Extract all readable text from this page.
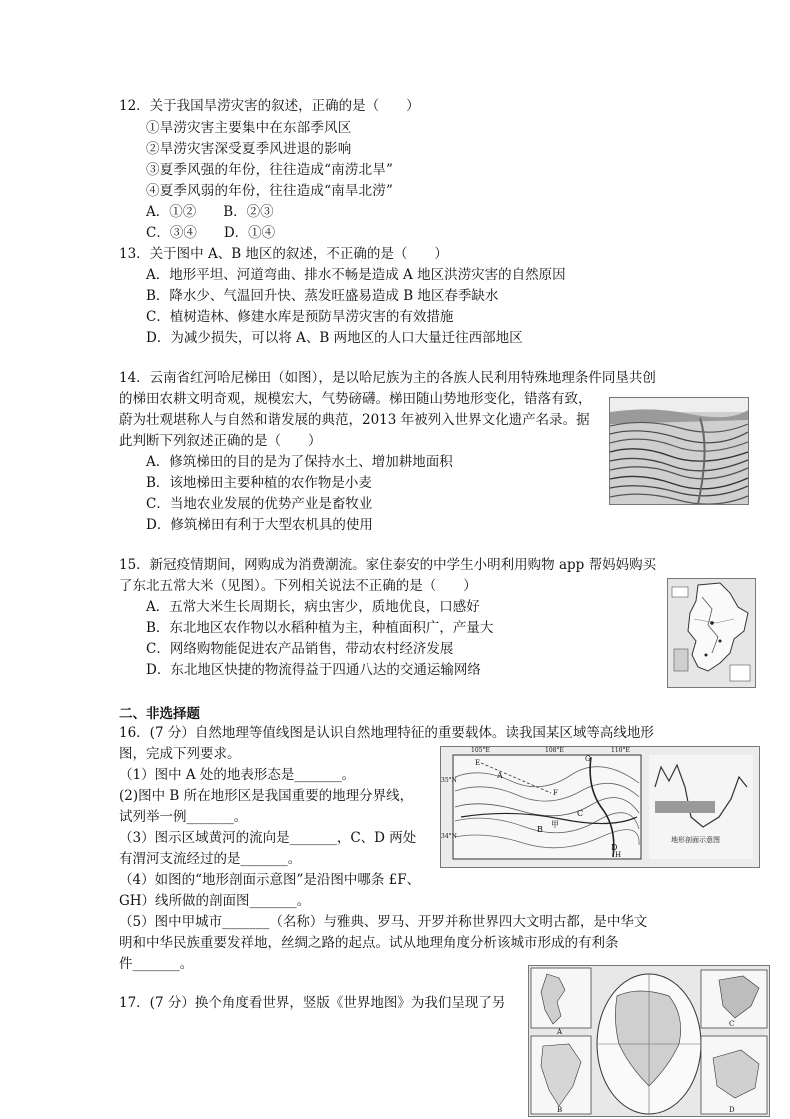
12．关于我国旱涝灾害的叙述，正确的是（　　）
①旱涝灾害主要集中在东部季风区
②旱涝灾害深受夏季风进退的影响
③夏季风强的年份，往往造成“南涝北旱”
④夏季风弱的年份，往往造成“南旱北涝”
A．①②　　B．②③
C．③④　　D．①④
13．关于图中 A、B 地区的叙述，不正确的是（　　）
A．地形平坦、河道弯曲、排水不畅是造成 A 地区洪涝灾害的自然原因
B．降水少、气温回升快、蒸发旺盛易造成 B 地区春季缺水
C．植树造林、修建水库是预防旱涝灾害的有效措施
D．为减少损失，可以将 A、B 两地区的人口大量迁往西部地区
14．云南省红河哈尼梯田（如图），是以哈尼族为主的各族人民利用特殊地理条件同垦共创
的梯田农耕文明奇观，规模宏大，气势磅礴。梯田随山势地形变化，错落有致，
蔚为壮观堪称人与自然和谐发展的典范，2013 年被列入世界文化遗产名录。据
此判断下列叙述正确的是（　　）
A．修筑梯田的目的是为了保持水土、增加耕地面积
B．该地梯田主要种植的农作物是小麦
C．当地农业发展的优势产业是畜牧业
D．修筑梯田有利于大型农机具的使用
15．新冠疫情期间，网购成为消费潮流。家住泰安的中学生小明利用购物 app 帮妈妈购买
了东北五常大米（见图）。下列相关说法不正确的是（　　）
A．五常大米生长周期长，病虫害少，质地优良，口感好
B．东北地区农作物以水稻种植为主，种植面积广，产量大
C．网络购物能促进农产品销售，带动农村经济发展
D．东北地区快捷的物流得益于四通八达的交通运输网络
二、非选择题
16．(7 分）自然地理等值线图是认识自然地理特征的重要载体。读我国某区域等高线地形
图，完成下列要求。
（1）图中 A 处的地表形态是_______。
(2)图中 B 所在地形区是我国重要的地理分界线，
试列举一例_______。
（3）图示区域黄河的流向是_______，C、D 两处
有渭河支流经过的是_______。
（4）如图的“地形剖面示意图”是沿图中哪条 £F、
GH）线所做的剖面图_______。
（5）图中甲城市_______（名称）与雅典、罗马、开罗并称世界四大文明古都，是中华文
明和中华民族重要发祥地，丝绸之路的起点。试从地理角度分析该城市形成的有利条
件_______。
105°E	108°E	110°E
35°N
34°N
A
B
C
D
甲
E
F
G
H
地形剖面示意图
17．(7 分）换个角度看世界，竖版《世界地图》为我们呈现了另
A
B
C
D
